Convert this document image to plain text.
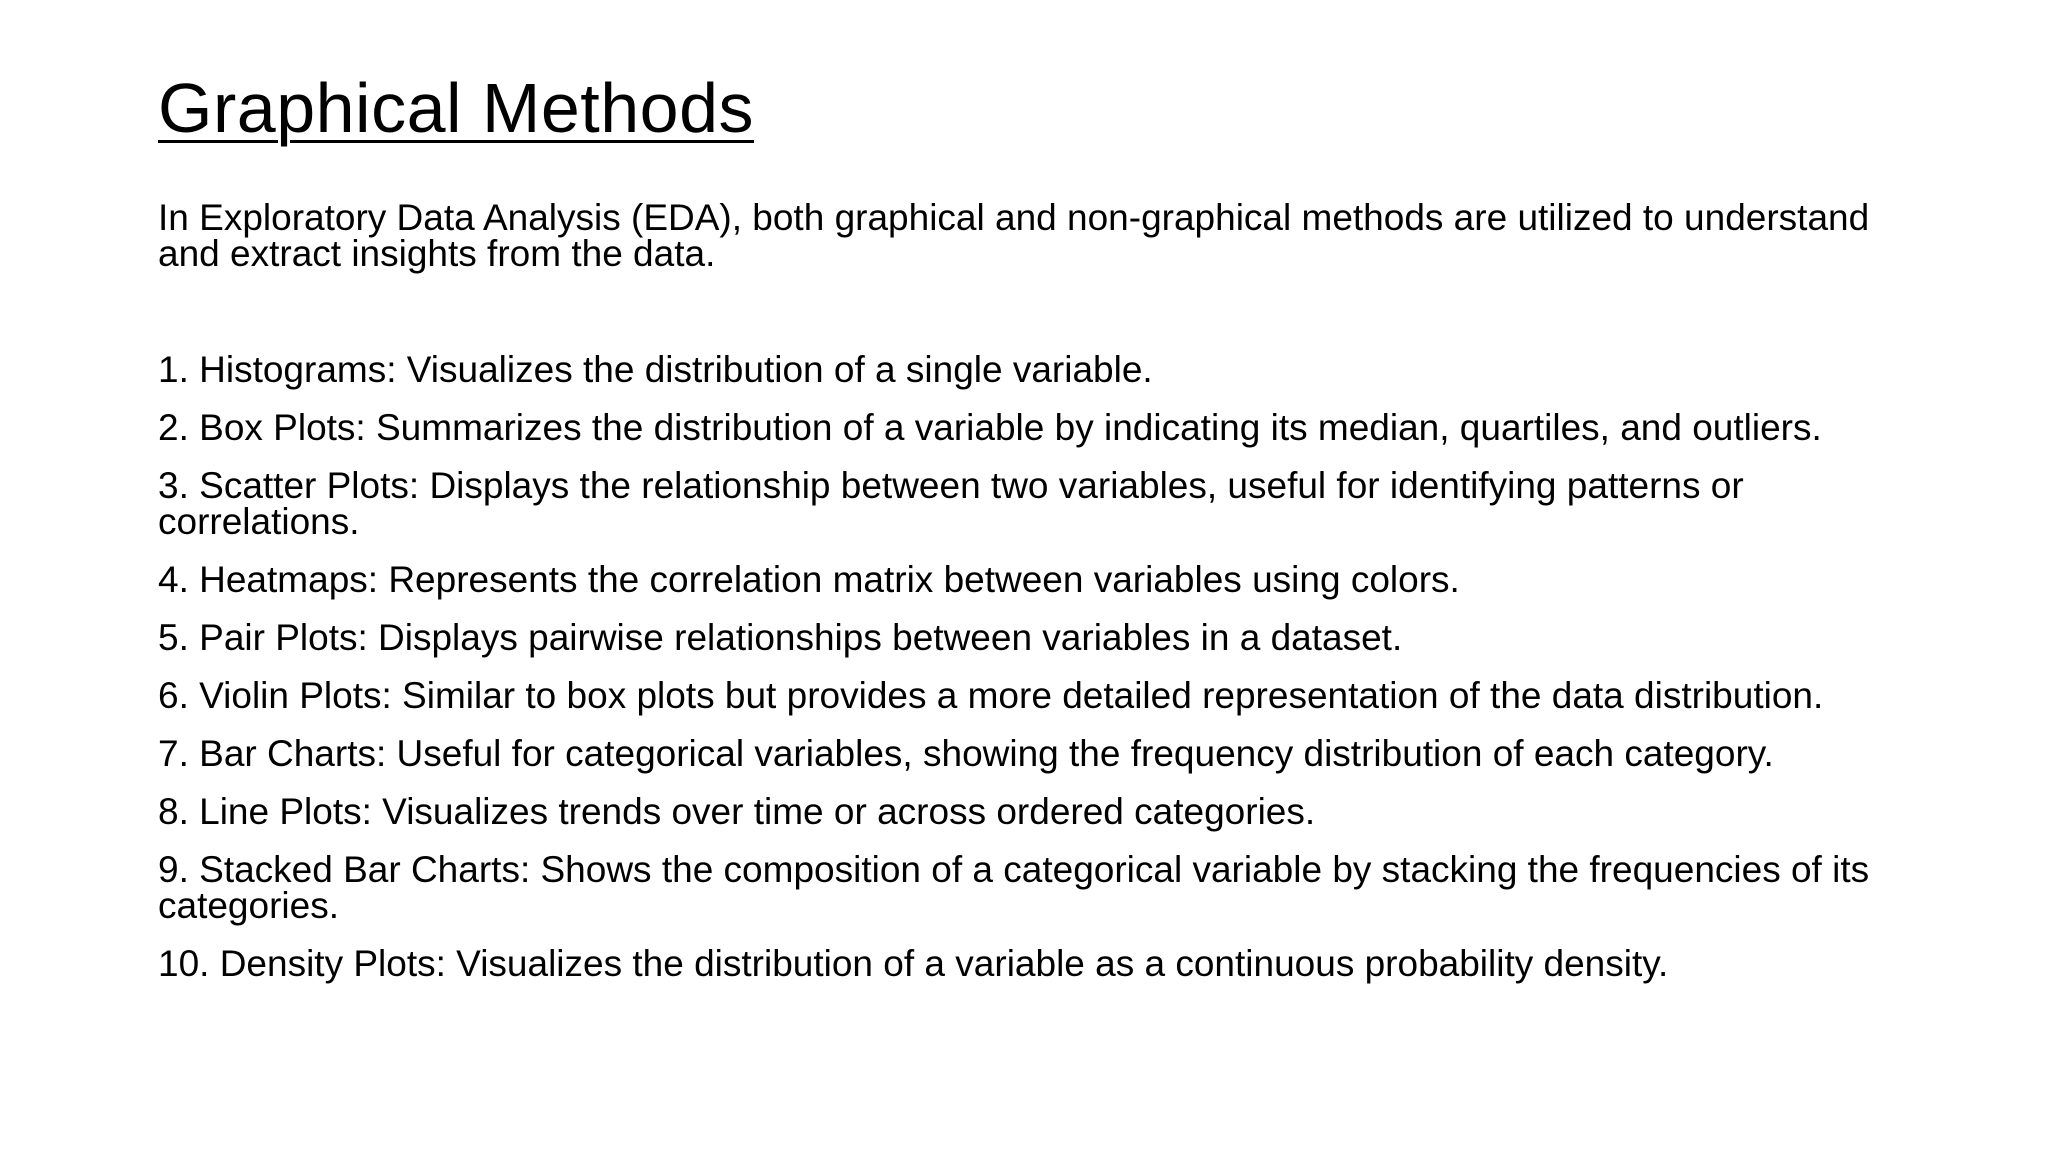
Graphical Methods

In Exploratory Data Analysis (EDA), both graphical and non-graphical methods are utilized to understand and extract insights from the data.

1. Histograms: Visualizes the distribution of a single variable.

2. Box Plots: Summarizes the distribution of a variable by indicating its median, quartiles, and outliers.

3. Scatter Plots: Displays the relationship between two variables, useful for identifying patterns or correlations.

4. Heatmaps: Represents the correlation matrix between variables using colors.

5. Pair Plots: Displays pairwise relationships between variables in a dataset.

6. Violin Plots: Similar to box plots but provides a more detailed representation of the data distribution.

7. Bar Charts: Useful for categorical variables, showing the frequency distribution of each category.

8. Line Plots: Visualizes trends over time or across ordered categories.

9. Stacked Bar Charts: Shows the composition of a categorical variable by stacking the frequencies of its categories.

10. Density Plots: Visualizes the distribution of a variable as a continuous probability density.
